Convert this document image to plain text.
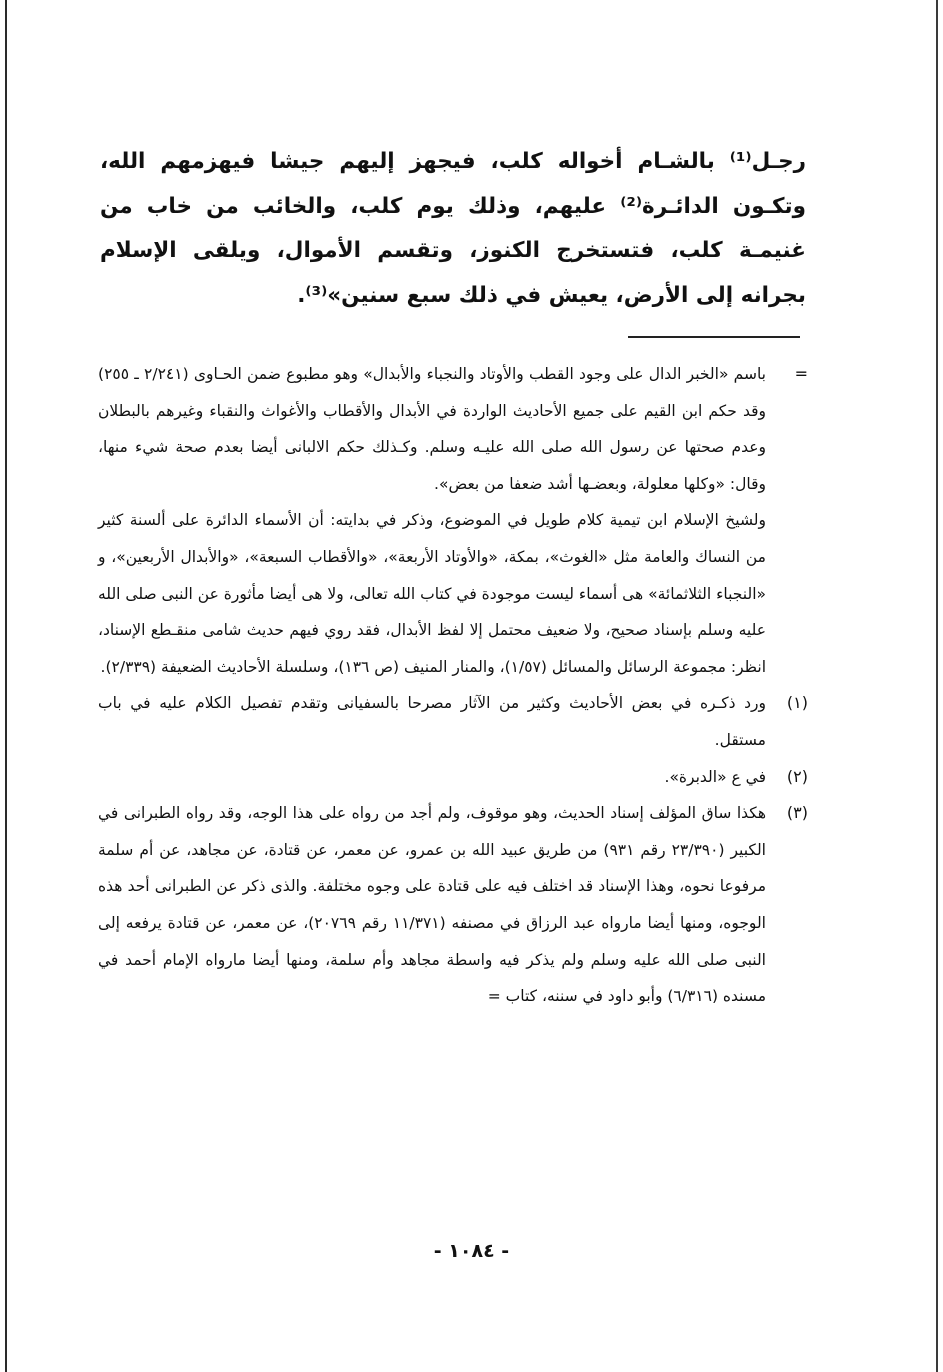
رجـل⁽¹⁾ بالشـام أخواله كلب، فيجهز إليهم جيشا فيهزمهم الله، وتكـون الدائـرة⁽²⁾ عليهم، وذلك يوم كلب، والخائب من خاب من غنيمـة كلب، فتستخرج الكنوز، وتقسم الأموال، ويلقى الإسلام بجرانه إلى الأرض، يعيش في ذلك سبع سنين»⁽³⁾.

=
باسم «الخبر الدال على وجود القطب والأوتاد والنجباء والأبدال» وهو مطبوع ضمن الحـاوى (٢/٢٤١ ـ ٢٥٥) وقد حكم ابن القيم على جميع الأحاديث الواردة في الأبدال والأقطاب والأغواث والنقباء وغيرهم بالبطلان وعدم صحتها عن رسول الله صلى الله عليـه وسلم. وكـذلك حكم الالبانى أيضا بعدم صحة شيء منها، وقال: «وكلها معلولة، وبعضـها أشد ضعفا من بعض».
ولشيخ الإسلام ابن تيمية كلام طويل في الموضوع، وذكر في بدايته: أن الأسماء الدائرة على ألسنة كثير من النساك والعامة مثل «الغوث»، بمكة، «والأوتاد الأربعة»، «والأقطاب السبعة»، «والأبدال الأربعين»، و «النجباء الثلاثمائة» هى أسماء ليست موجودة في كتاب الله تعالى، ولا هى أيضا مأثورة عن النبى صلى الله عليه وسلم بإسناد صحيح، ولا ضعيف محتمل إلا لفظ الأبدال، فقد روي فيهم حديث شامى منقـطع الإسناد، انظر: مجموعة الرسائل والمسائل (١/٥٧)، والمنار المنيف (ص ١٣٦)، وسلسلة الأحاديث الضعيفة (٢/٣٣٩).
(١)
ورد ذكـره في بعض الأحاديث وكثير من الآثار مصرحا بالسفيانى وتقدم تفصيل الكلام عليه في باب مستقل.
(٢)
في ع «الدبرة».
(٣)
هكذا ساق المؤلف إسناد الحديث، وهو موقوف، ولم أجد من رواه على هذا الوجه، وقد رواه الطبرانى في الكبير (٢٣/٣٩٠ رقم ٩٣١) من طريق عبيد الله بن عمرو، عن معمر، عن قتادة، عن مجاهد، عن أم سلمة مرفوعا نحوه، وهذا الإسناد قد اختلف فيه على قتادة على وجوه مختلفة. والذى ذكر عن الطبرانى أحد هذه الوجوه، ومنها أيضا مارواه عبد الرزاق في مصنفه (١١/٣٧١ رقم ٢٠٧٦٩)، عن معمر، عن قتادة يرفعه إلى النبى صلى الله عليه وسلم ولم يذكر فيه واسطة مجاهد وأم سلمة، ومنها أيضا مارواه الإمام أحمد في مسنده (٦/٣١٦) وأبو داود في سننه، كتاب =
- ١٠٨٤ -
